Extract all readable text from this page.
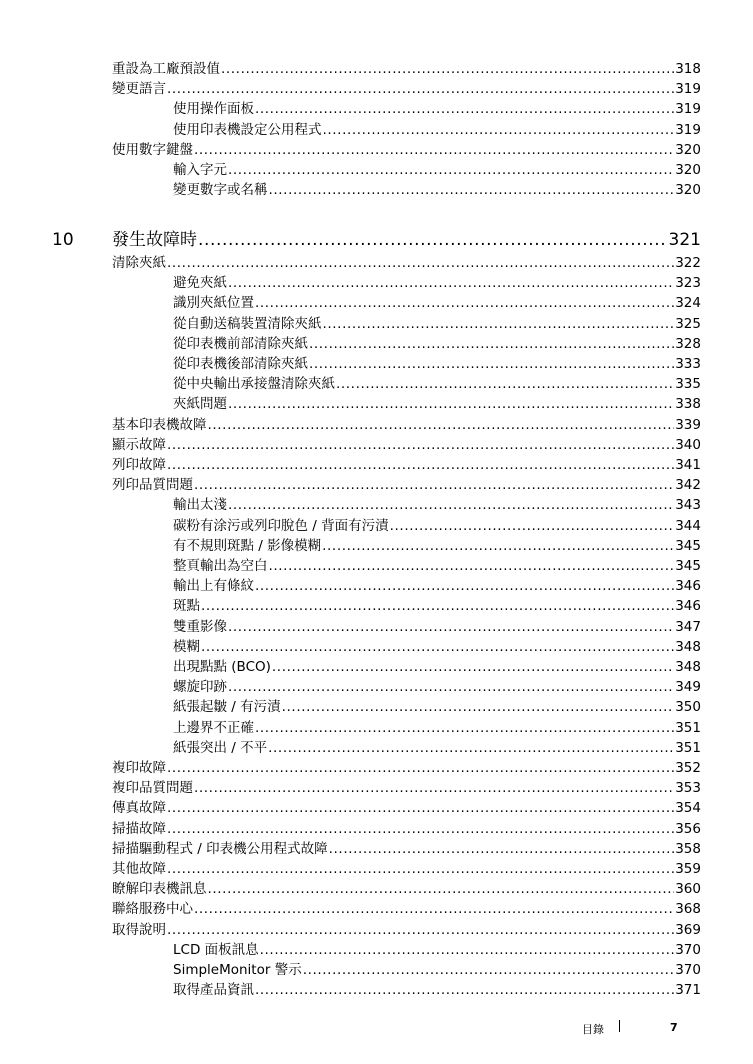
重設為工廠預設值 .....	318
變更語言 .....	319
使用操作面板 .....	319
使用印表機設定公用程式 .....	319
使用數字鍵盤 .....	320
輸入字元 .....	320
變更數字或名稱 .....	320
10 發生故障時 .....	321
清除夾紙 .....	322
避免夾紙 .....	323
識別夾紙位置 .....	324
從自動送稿裝置清除夾紙 .....	325
從印表機前部清除夾紙 .....	328
從印表機後部清除夾紙 .....	333
從中央輸出承接盤清除夾紙 .....	335
夾紙問題 .....	338
基本印表機故障 .....	339
顯示故障 .....	340
列印故障 .....	341
列印品質問題 .....	342
輸出太淺 .....	343
碳粉有涂污或列印脫色 / 背面有污漬 .....	344
有不規則斑點 / 影像模糊 .....	345
整頁輸出為空白 .....	345
輸出上有條紋 .....	346
斑點 .....	346
雙重影像 .....	347
模糊 .....	348
出現點點 (BCO) .....	348
螺旋印跡 .....	349
紙張起皺 / 有污漬 .....	350
上邊界不正確 .....	351
紙張突出 / 不平 .....	351
複印故障 .....	352
複印品質問題 .....	353
傳真故障 .....	354
掃描故障 .....	356
掃描驅動程式 / 印表機公用程式故障 .....	358
其他故障 .....	359
瞭解印表機訊息 .....	360
聯絡服務中心 .....	368
取得說明 .....	369
LCD 面板訊息 .....	370
SimpleMonitor 警示 .....	370
取得產品資訊 .....	371
目錄	7
